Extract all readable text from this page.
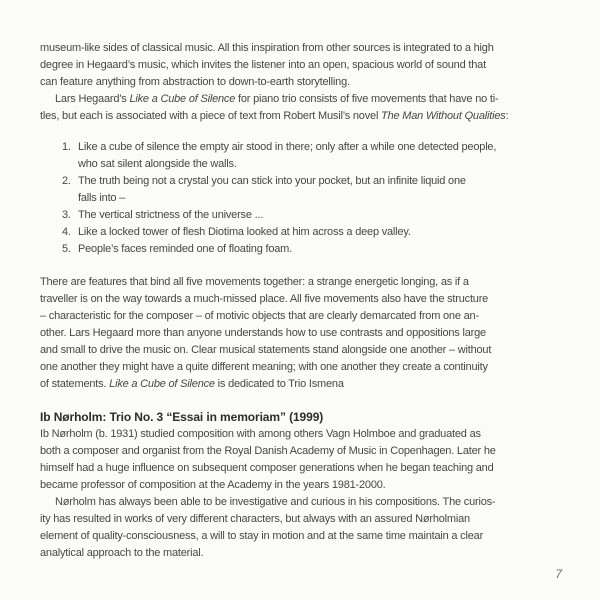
museum-like sides of classical music. All this inspiration from other sources is integrated to a high
degree in Hegaard’s music, which invites the listener into an open, spacious world of sound that
can feature anything from abstraction to down-to-earth storytelling.

Lars Hegaard’s Like a Cube of Silence for piano trio consists of five movements that have no ti-
tles, but each is associated with a piece of text from Robert Musil’s novel The Man Without Qualities:

1. Like a cube of silence the empty air stood in there; only after a while one detected people,
who sat silent alongside the walls.
2. The truth being not a crystal you can stick into your pocket, but an infinite liquid one
falls into –
3. The vertical strictness of the universe ...
4. Like a locked tower of flesh Diotima looked at him across a deep valley.
5. People’s faces reminded one of floating foam.

There are features that bind all five movements together: a strange energetic longing, as if a
traveller is on the way towards a much-missed place. All five movements also have the structure
– characteristic for the composer – of motivic objects that are clearly demarcated from one an-
other. Lars Hegaard more than anyone understands how to use contrasts and oppositions large
and small to drive the music on. Clear musical statements stand alongside one another – without
one another they might have a quite different meaning; with one another they create a continuity
of statements. Like a Cube of Silence is dedicated to Trio Ismena

Ib Nørholm: Trio No. 3 “Essai in memoriam” (1999)

Ib Nørholm (b. 1931) studied composition with among others Vagn Holmboe and graduated as
both a composer and organist from the Royal Danish Academy of Music in Copenhagen. Later he
himself had a huge influence on subsequent composer generations when he began teaching and
became professor of composition at the Academy in the years 1981-2000.

Nørholm has always been able to be investigative and curious in his compositions. The curios-
ity has resulted in works of very different characters, but always with an assured Nørholmian
element of quality-consciousness, a will to stay in motion and at the same time maintain a clear
analytical approach to the material.

7
